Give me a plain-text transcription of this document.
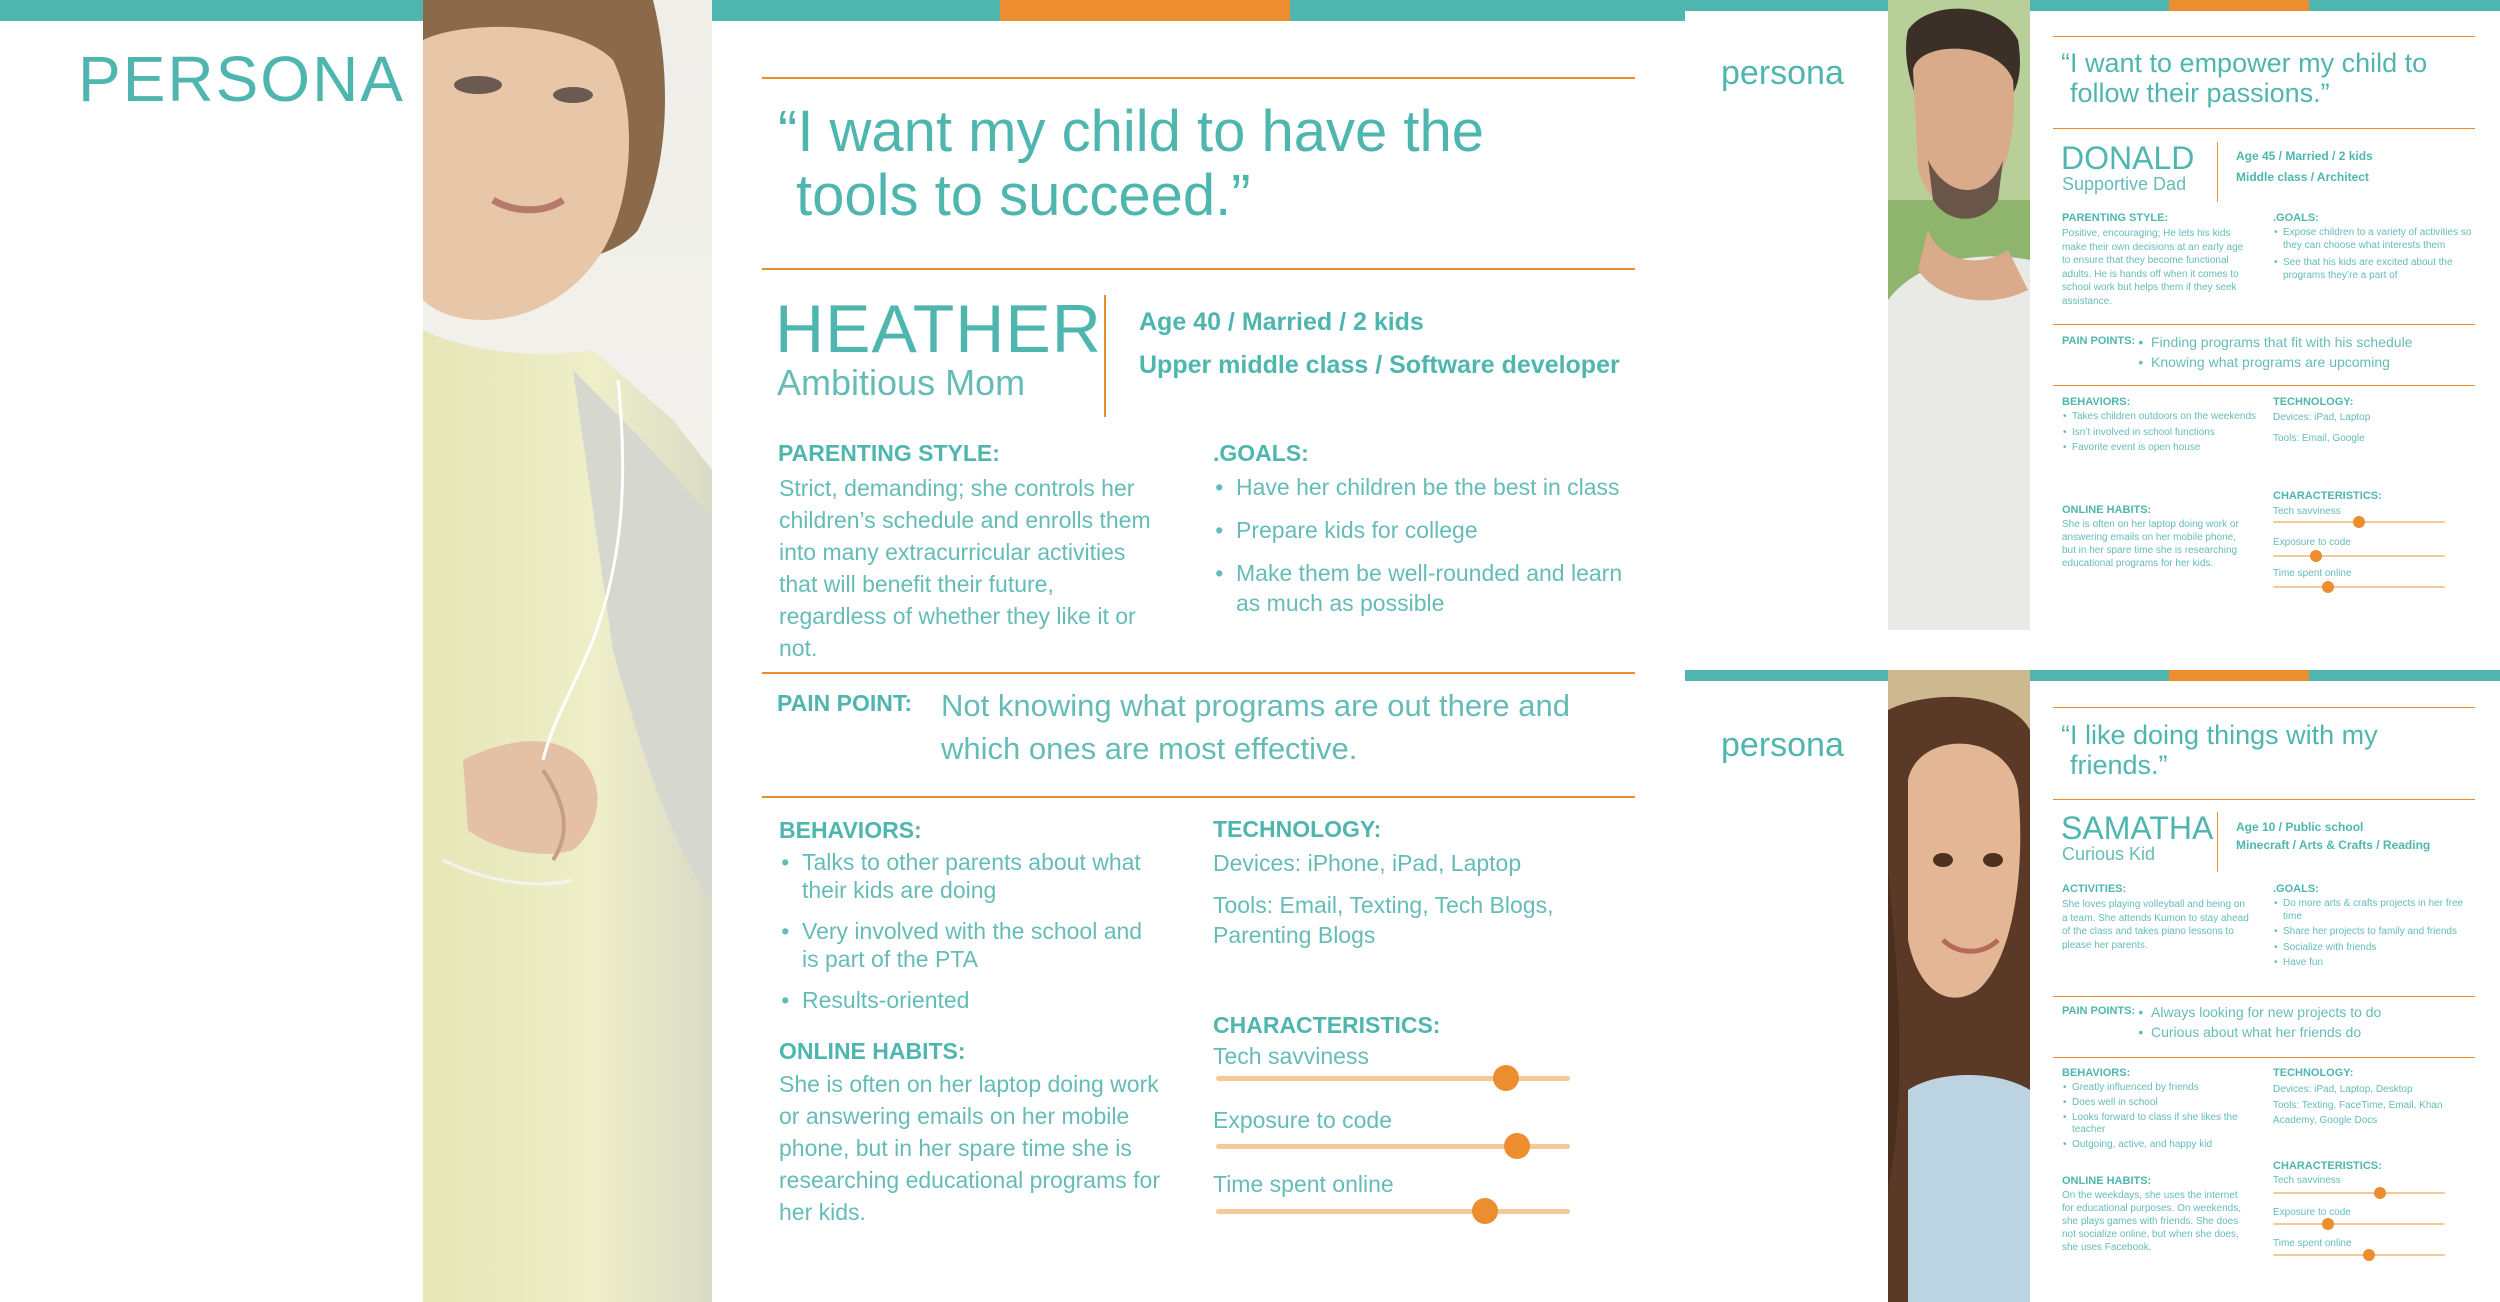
PERSONA
“I want my child to have the tools to succeed.”
HEATHER
Ambitious Mom
Age 40 / Married / 2 kids
Upper middle class / Software developer
PARENTING STYLE:
Strict, demanding; she controls her children’s schedule and enrolls them into many extracurricular activities that will benefit their future, regardless of whether they like it or not.
.GOALS:
• Have her children be the best in class
• Prepare kids for college
• Make them be well-rounded and learn as much as possible
PAIN POINT: Not knowing what programs are out there and which ones are most effective.
BEHAVIORS:
• Talks to other parents about what their kids are doing
• Very involved with the school and is part of the PTA
• Results-oriented
ONLINE HABITS:
She is often on her laptop doing work or answering emails on her mobile phone, but in her spare time she is researching educational programs for her kids.
TECHNOLOGY:
Devices: iPhone, iPad, Laptop
Tools: Email, Texting, Tech Blogs, Parenting Blogs
CHARACTERISTICS:
Tech savviness
Exposure to code
Time spent online
persona	“I want to empower my child to follow their passions.”
DONALD
Supportive Dad
Age 45 / Married / 2 kids
Middle class / Architect
PARENTING STYLE:
Positive, encouraging; He lets his kids make their own decisions at an early age to ensure that they become functional adults. He is hands off when it comes to school work but helps them if they seek assistance.
.GOALS:
• Expose children to a variety of activities so they can choose what interests them
• See that his kids are excited about the programs they’re a part of
PAIN POINTS:	• Finding programs that fit with his schedule
• Knowing what programs are upcoming
BEHAVIORS:
• Takes children outdoors on the weekends
• Isn’t involved in school functions
• Favorite event is open house
ONLINE HABITS:
She is often on her laptop doing work or answering emails on her mobile phone, but in her spare time she is researching educational programs for her kids.
TECHNOLOGY:
Devices: iPad, Laptop
Tools: Email, Google
CHARACTERISTICS:
Tech savviness
Exposure to code
Time spent online
persona	“I like doing things with my friends.”
SAMATHA
Curious Kid
Age 10 / Public school
Minecraft / Arts & Crafts / Reading
ACTIVITIES:
She loves playing volleyball and being on a team. She attends Kumon to stay ahead of the class and takes piano lessons to please her parents.
.GOALS:
• Do more arts & crafts projects in her free time
• Share her projects to family and friends
• Socialize with friends
• Have fun
PAIN POINTS:	• Always looking for new projects to do
• Curious about what her friends do
BEHAVIORS:
• Greatly influenced by friends
• Does well in school
• Looks forward to class if she likes the teacher
• Outgoing, active, and happy kid
ONLINE HABITS:
On the weekdays, she uses the internet for educational purposes. On weekends, she plays games with friends. She does not socialize online, but when she does, she uses Facebook.
TECHNOLOGY:
Devices: iPad, Laptop, Desktop
Tools: Texting, FaceTime, Email, Khan Academy, Google Docs
CHARACTERISTICS:
Tech savviness
Exposure to code
Time spent online
